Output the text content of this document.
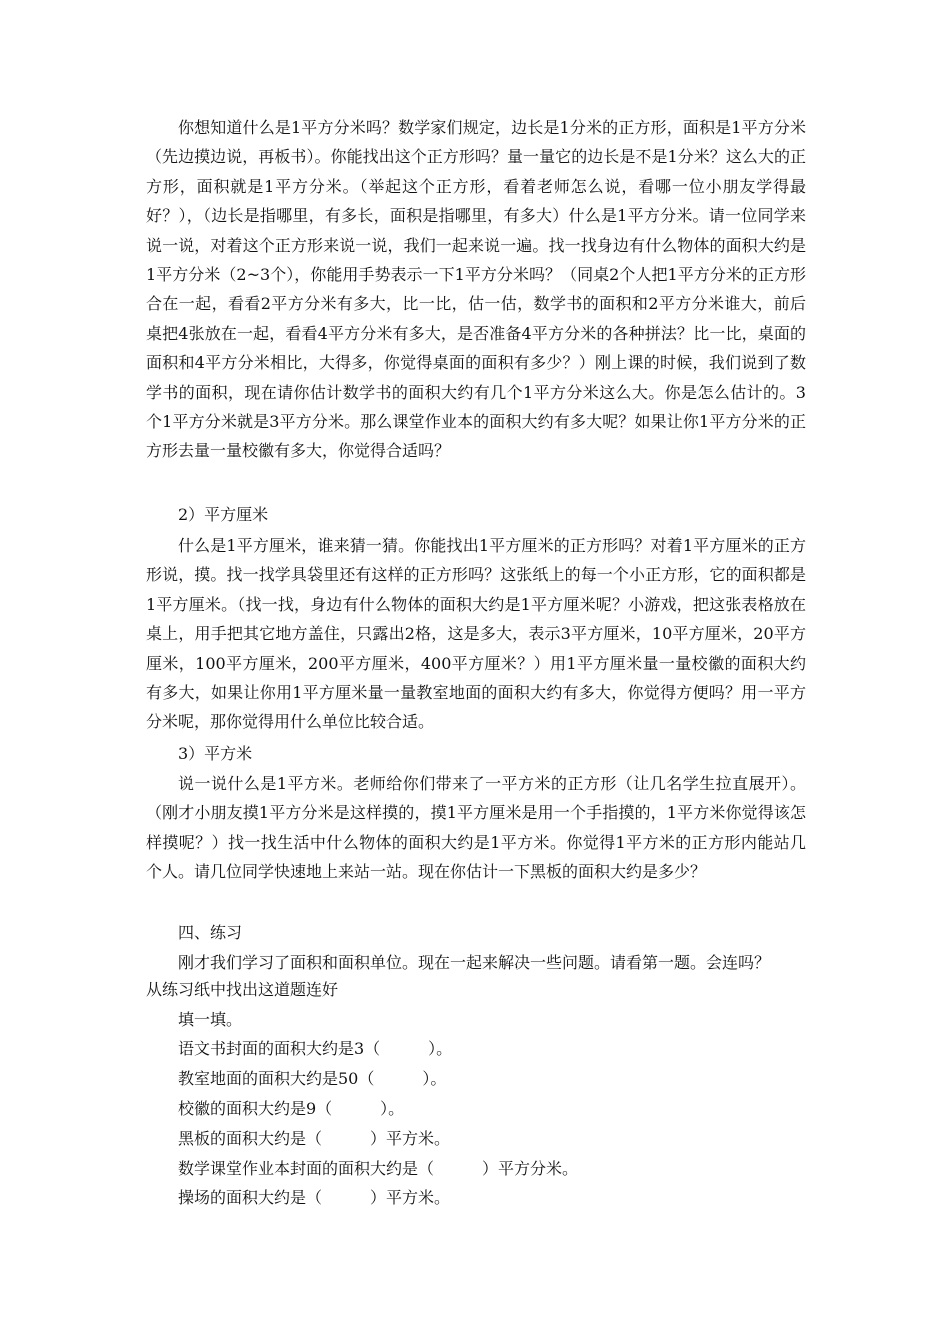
你想知道什么是1平方分米吗？数学家们规定，边长是1分米的正方形，面积是1平方分米（先边摸边说，再板书）。你能找出这个正方形吗？量一量它的边长是不是1分米？这么大的正方形，面积就是1平方分米。（举起这个正方形，看着老师怎么说，看哪一位小朋友学得最好？），（边长是指哪里，有多长，面积是指哪里，有多大）什么是1平方分米。请一位同学来说一说，对着这个正方形来说一说，我们一起来说一遍。找一找身边有什么物体的面积大约是1平方分米（2~3个），你能用手势表示一下1平方分米吗？（同桌2个人把1平方分米的正方形合在一起，看看2平方分米有多大，比一比，估一估，数学书的面积和2平方分米谁大，前后桌把4张放在一起，看看4平方分米有多大，是否准备4平方分米的各种拼法？比一比，桌面的面积和4平方分米相比，大得多，你觉得桌面的面积有多少？）刚上课的时候，我们说到了数学书的面积，现在请你估计数学书的面积大约有几个1平方分米这么大。你是怎么估计的。3个1平方分米就是3平方分米。那么课堂作业本的面积大约有多大呢？如果让你1平方分米的正方形去量一量校徽有多大，你觉得合适吗？

2）平方厘米

什么是1平方厘米，谁来猜一猜。你能找出1平方厘米的正方形吗？对着1平方厘米的正方形说，摸。找一找学具袋里还有这样的正方形吗？这张纸上的每一个小正方形，它的面积都是1平方厘米。（找一找，身边有什么物体的面积大约是1平方厘米呢？小游戏，把这张表格放在桌上，用手把其它地方盖住，只露出2格，这是多大，表示3平方厘米，10平方厘米，20平方厘米，100平方厘米，200平方厘米，400平方厘米？）用1平方厘米量一量校徽的面积大约有多大，如果让你用1平方厘米量一量教室地面的面积大约有多大，你觉得方便吗？用一平方分米呢，那你觉得用什么单位比较合适。

3）平方米

说一说什么是1平方米。老师给你们带来了一平方米的正方形（让几名学生拉直展开）。（刚才小朋友摸1平方分米是这样摸的，摸1平方厘米是用一个手指摸的，1平方米你觉得该怎样摸呢？）找一找生活中什么物体的面积大约是1平方米。你觉得1平方米的正方形内能站几个人。请几位同学快速地上来站一站。现在你估计一下黑板的面积大约是多少？

四、练习

刚才我们学习了面积和面积单位。现在一起来解决一些问题。请看第一题。会连吗？

从练习纸中找出这道题连好

填一填。

语文书封面的面积大约是3（　　　）。

教室地面的面积大约是50（　　　）。

校徽的面积大约是9（　　　）。

黑板的面积大约是（　　　）平方米。

数学课堂作业本封面的面积大约是（　　　）平方分米。

操场的面积大约是（　　　）平方米。
